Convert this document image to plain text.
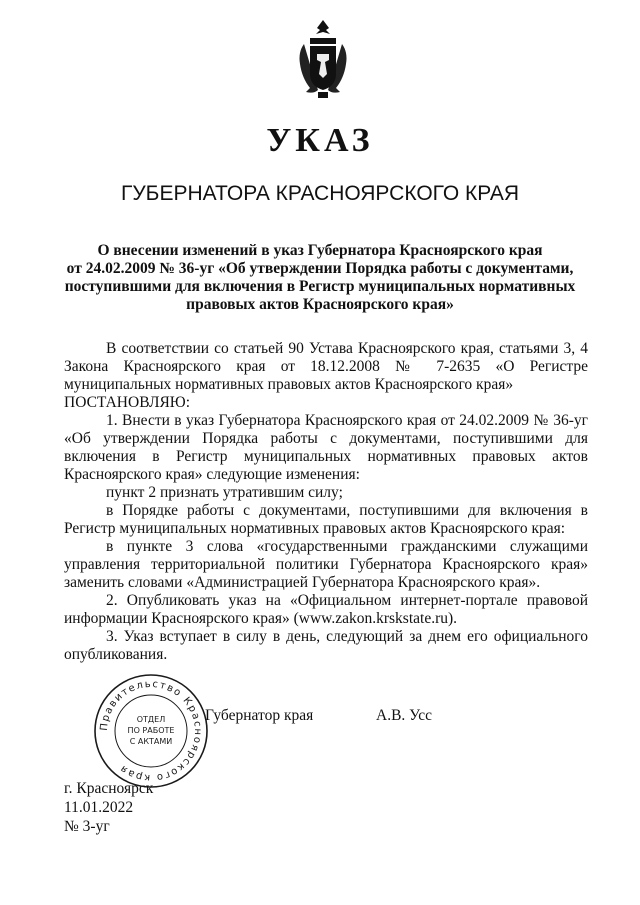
УКАЗ
ГУБЕРНАТОРА КРАСНОЯРСКОГО КРАЯ
О внесении изменений в указ Губернатора Красноярского края
от 24.02.2009 № 36-уг «Об утверждении Порядка работы с документами,
поступившими для включения в Регистр муниципальных нормативных
правовых актов Красноярского края»

В соответствии со статьей 90 Устава Красноярского края, статьями 3, 4 Закона Красноярского края от 18.12.2008 № 7-2635 «О Регистре муниципальных нормативных правовых актов Красноярского края»

ПОСТАНОВЛЯЮ:

1. Внести в указ Губернатора Красноярского края от 24.02.2009 № 36-уг «Об утверждении Порядка работы с документами, поступившими для включения в Регистр муниципальных нормативных правовых актов Красноярского края» следующие изменения:

пункт 2 признать утратившим силу;

в Порядке работы с документами, поступившими для включения в Регистр муниципальных нормативных правовых актов Красноярского края:

в пункте 3 слова «государственными гражданскими служащими управления территориальной политики Губернатора Красноярского края» заменить словами «Администрацией Губернатора Красноярского края».

2. Опубликовать указ на «Официальном интернет-портале правовой информации Красноярского края» (www.zakon.krskstate.ru).

3. Указ вступает в силу в день, следующий за днем его официального опубликования.

Правительство Красноярского края
ОТДЕЛ
ПО РАБОТЕ
С АКТАМИ
Губернатор края	А.В. Усс
г. Красноярск
11.01.2022
№ 3-уг
